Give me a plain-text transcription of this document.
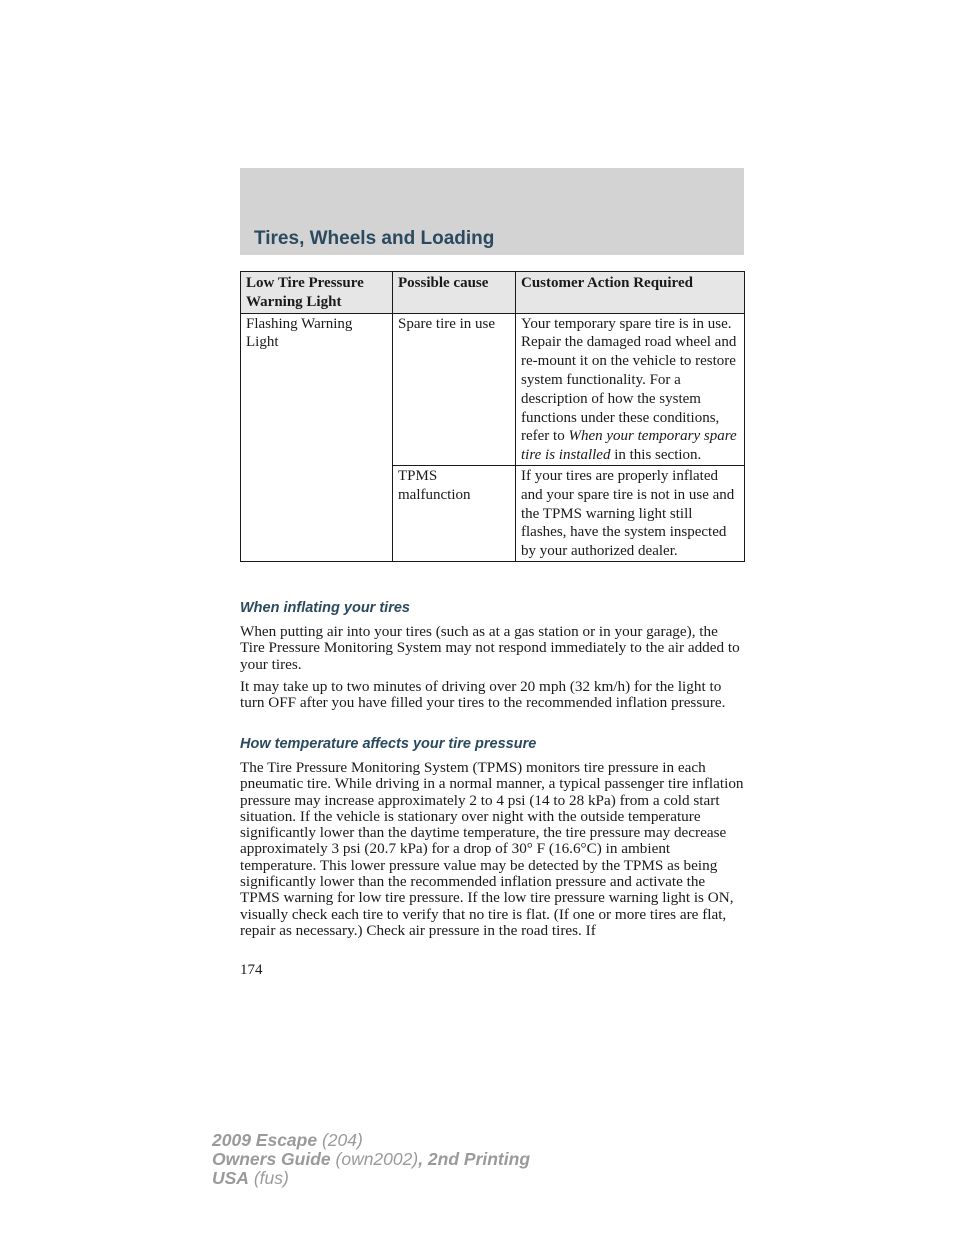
Tires, Wheels and Loading
Low Tire Pressure Warning Light	Possible cause	Customer Action Required
Flashing Warning Light	Spare tire in use	Your temporary spare tire is in use. Repair the damaged road wheel and re-mount it on the vehicle to restore system functionality. For a description of how the system functions under these conditions, refer to When your temporary spare tire is installed in this section.
	TPMS malfunction	If your tires are properly inflated and your spare tire is not in use and the TPMS warning light still flashes, have the system inspected by your authorized dealer.
When inflating your tires

When putting air into your tires (such as at a gas station or in your garage), the Tire Pressure Monitoring System may not respond immediately to the air added to your tires.

It may take up to two minutes of driving over 20 mph (32 km/h) for the light to turn OFF after you have filled your tires to the recommended inflation pressure.

How temperature affects your tire pressure

The Tire Pressure Monitoring System (TPMS) monitors tire pressure in each pneumatic tire. While driving in a normal manner, a typical passenger tire inflation pressure may increase approximately 2 to 4 psi (14 to 28 kPa) from a cold start situation. If the vehicle is stationary over night with the outside temperature significantly lower than the daytime temperature, the tire pressure may decrease approximately 3 psi (20.7 kPa) for a drop of 30° F (16.6°C) in ambient temperature. This lower pressure value may be detected by the TPMS as being significantly lower than the recommended inflation pressure and activate the TPMS warning for low tire pressure. If the low tire pressure warning light is ON, visually check each tire to verify that no tire is flat. (If one or more tires are flat, repair as necessary.) Check air pressure in the road tires. If

174

2009 Escape (204)
Owners Guide (own2002), 2nd Printing
USA (fus)
